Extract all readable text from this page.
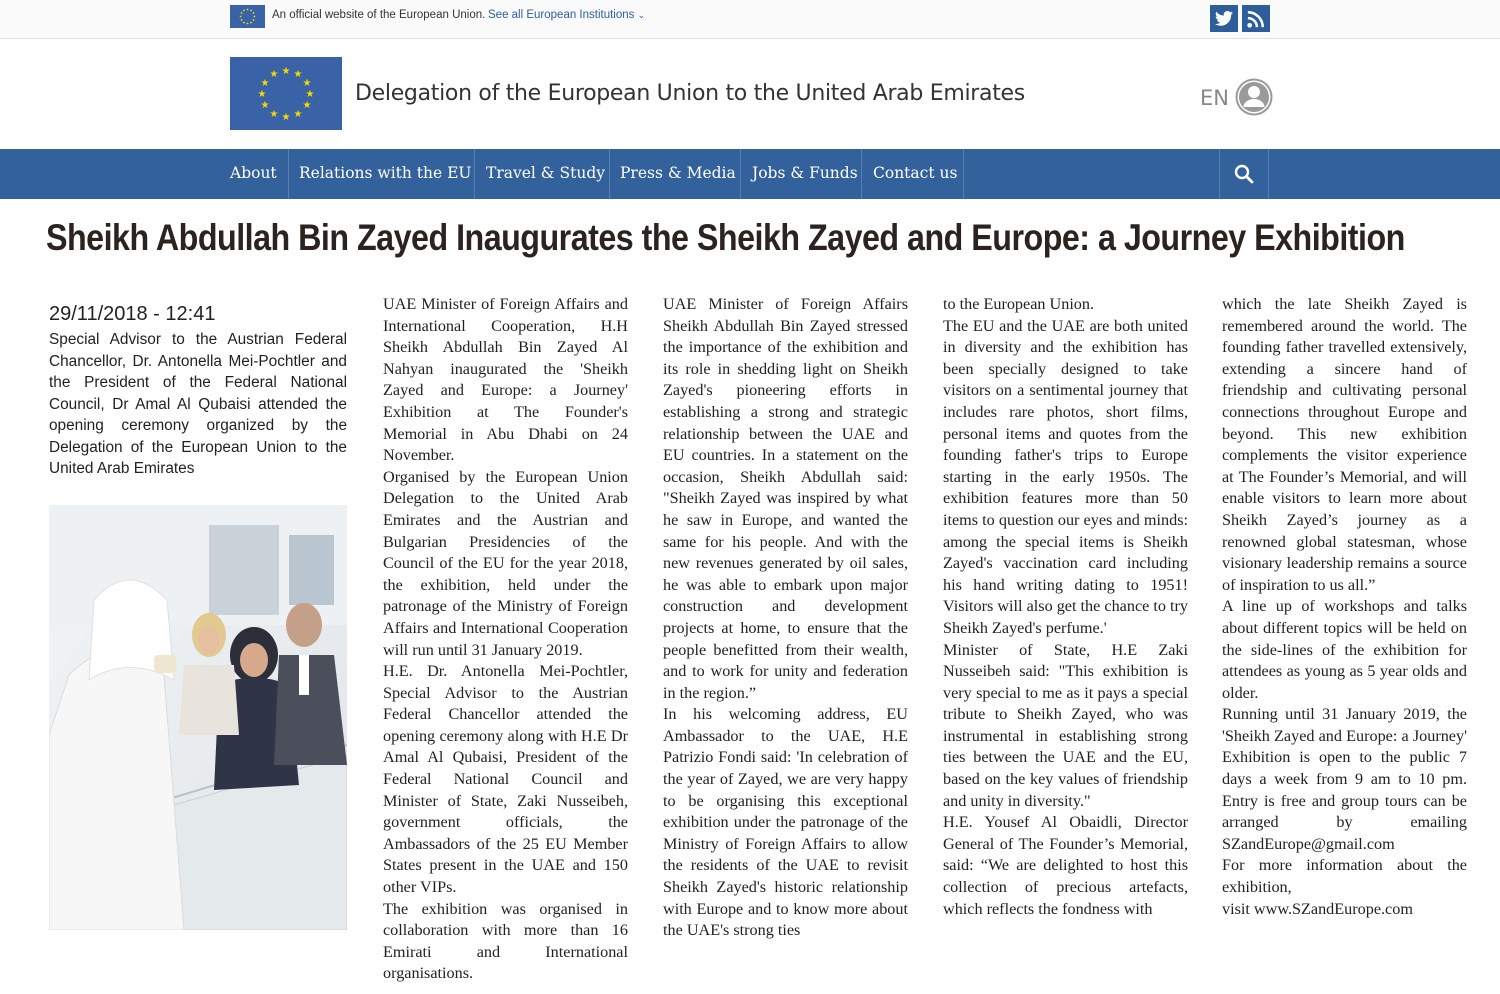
An official website of the European Union. See all European Institutions ⌄
★ ★
★
★
★
★
★
★
★
★
★
★
Delegation of the European Union to the United Arab Emirates	EN
About Relations with the EU Travel & Study Press & Media Jobs & Funds Contact us
Sheikh Abdullah Bin Zayed Inaugurates the Sheikh Zayed and Europe: a Journey Exhibition
29/11/2018 - 12:41
Special Advisor to the Austrian Federal Chancellor, Dr. Antonella Mei-Pochtler and the President of the Federal National Council, Dr Amal Al Qubaisi attended the opening ceremony organized by the Delegation of the European Union to the United Arab Emirates

UAE Minister of Foreign Affairs and International Cooperation, H.H Sheikh Abdullah Bin Zayed Al Nahyan inaugurated the 'Sheikh Zayed and Europe: a Journey' Exhibition at The Founder's Memorial in Abu Dhabi on 24 November.

Organised by the European Union Delegation to the United Arab Emirates and the Austrian and Bulgarian Presidencies of the Council of the EU for the year 2018, the exhibition, held under the patronage of the Ministry of Foreign Affairs and International Cooperation will run until 31 January 2019.

H.E. Dr. Antonella Mei-Pochtler, Special Advisor to the Austrian Federal Chancellor attended the opening ceremony along with H.E Dr Amal Al Qubaisi, President of the Federal National Council and Minister of State, Zaki Nusseibeh, government officials, the Ambassadors of the 25 EU Member States present in the UAE and 150 other VIPs.

The exhibition was organised in collaboration with more than 16 Emirati and International organisations.

UAE Minister of Foreign Affairs Sheikh Abdullah Bin Zayed stressed the importance of the exhibition and its role in shedding light on Sheikh Zayed's pioneering efforts in establishing a strong and strategic relationship between the UAE and EU countries. In a statement on the occasion, Sheikh Abdullah said: "Sheikh Zayed was inspired by what he saw in Europe, and wanted the same for his people. And with the new revenues generated by oil sales, he was able to embark upon major construction and development projects at home, to ensure that the people benefitted from their wealth, and to work for unity and federation in the region.”

In his welcoming address, EU Ambassador to the UAE, H.E Patrizio Fondi said: 'In celebration of the year of Zayed, we are very happy to be organising this exceptional exhibition under the patronage of the Ministry of Foreign Affairs to allow the residents of the UAE to revisit Sheikh Zayed's historic relationship with Europe and to know more about the UAE's strong ties

to the European Union.

The EU and the UAE are both united in diversity and the exhibition has been specially designed to take visitors on a sentimental journey that includes rare photos, short films, personal items and quotes from the founding father's trips to Europe starting in the early 1950s. The exhibition features more than 50 items to question our eyes and minds: among the special items is Sheikh Zayed's vaccination card including his hand writing dating to 1951! Visitors will also get the chance to try Sheikh Zayed's perfume.'

Minister of State, H.E Zaki Nusseibeh said: "This exhibition is very special to me as it pays a special tribute to Sheikh Zayed, who was instrumental in establishing strong ties between the UAE and the EU, based on the key values of friendship and unity in diversity."

H.E. Yousef Al Obaidli, Director General of The Founder’s Memorial, said: “We are delighted to host this collection of precious artefacts, which reflects the fondness with

which the late Sheikh Zayed is remembered around the world. The founding father travelled extensively, extending a sincere hand of friendship and cultivating personal connections throughout Europe and beyond. This new exhibition complements the visitor experience at The Founder’s Memorial, and will enable visitors to learn more about Sheikh Zayed’s journey as a renowned global statesman, whose visionary leadership remains a source of inspiration to us all.”

A line up of workshops and talks about different topics will be held on the side-lines of the exhibition for attendees as young as 5 year olds and older.

Running until 31 January 2019, the 'Sheikh Zayed and Europe: a Journey' Exhibition is open to the public 7 days a week from 9 am to 10 pm. Entry is free and group tours can be arranged by emailing SZandEurope@gmail.com

For more information about the exhibition,

visit www.SZandEurope.com
